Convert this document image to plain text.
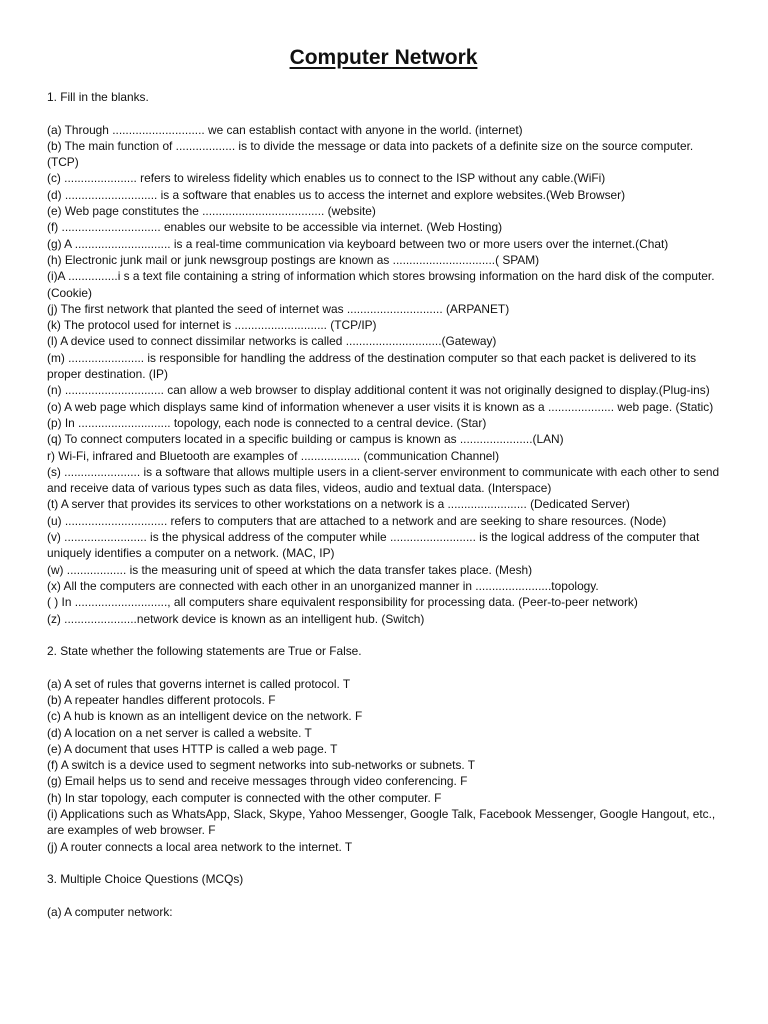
Computer Network

1. Fill in the blanks.

(a) Through ............................ we can establish contact with anyone in the world. (internet)

(b) The main function of .................. is to divide the message or data into packets of a definite size on the source computer. (TCP)

(c) ...................... refers to wireless fidelity which enables us to connect to the ISP without any cable.(WiFi)

(d) ............................ is a software that enables us to access the internet and explore websites.(Web Browser)

(e) Web page constitutes the ..................................... (website)

(f) .............................. enables our website to be accessible via internet. (Web Hosting)

(g) A ............................. is a real-time communication via keyboard between two or more users over the internet.(Chat)

(h) Electronic junk mail or junk newsgroup postings are known as ...............................( SPAM)

(i)A ...............i s a text file containing a string of information which stores browsing information on the hard disk of the computer. (Cookie)

(j) The first network that planted the seed of internet was ............................. (ARPANET)

(k) The protocol used for internet is ............................ (TCP/IP)

(l) A device used to connect dissimilar networks is called .............................(Gateway)

(m) ....................... is responsible for handling the address of the destination computer so that each packet is delivered to its proper destination. (IP)

(n) .............................. can allow a web browser to display additional content it was not originally designed to display.(Plug-ins)

(o) A web page which displays same kind of information whenever a user visits it is known as a .................... web page. (Static)

(p) In ............................ topology, each node is connected to a central device. (Star)

(q) To connect computers located in a specific building or campus is known as ......................(LAN)

r) Wi-Fi, infrared and Bluetooth are examples of .................. (communication Channel)

(s) ....................... is a software that allows multiple users in a client-server environment to communicate with each other to send and receive data of various types such as data files, videos, audio and textual data. (Interspace)

(t) A server that provides its services to other workstations on a network is a ........................ (Dedicated Server)

(u) ............................... refers to computers that are attached to a network and are seeking to share resources. (Node)

(v) ......................... is the physical address of the computer while .......................... is the logical address of the computer that uniquely identifies a computer on a network. (MAC, IP)

(w) .................. is the measuring unit of speed at which the data transfer takes place. (Mesh)

(x) All the computers are connected with each other in an unorganized manner in .......................topology.

( ) In ............................, all computers share equivalent responsibility for processing data. (Peer-to-peer network)

(z) ......................network device is known as an intelligent hub. (Switch)

2. State whether the following statements are True or False.

(a) A set of rules that governs internet is called protocol. T

(b) A repeater handles different protocols. F

(c) A hub is known as an intelligent device on the network. F

(d) A location on a net server is called a website. T

(e) A document that uses HTTP is called a web page. T

(f) A switch is a device used to segment networks into sub-networks or subnets. T

(g) Email helps us to send and receive messages through video conferencing. F

(h) In star topology, each computer is connected with the other computer. F

(i) Applications such as WhatsApp, Slack, Skype, Yahoo Messenger, Google Talk, Facebook Messenger, Google Hangout, etc., are examples of web browser. F

(j) A router connects a local area network to the internet. T

3. Multiple Choice Questions (MCQs)

(a) A computer network:
